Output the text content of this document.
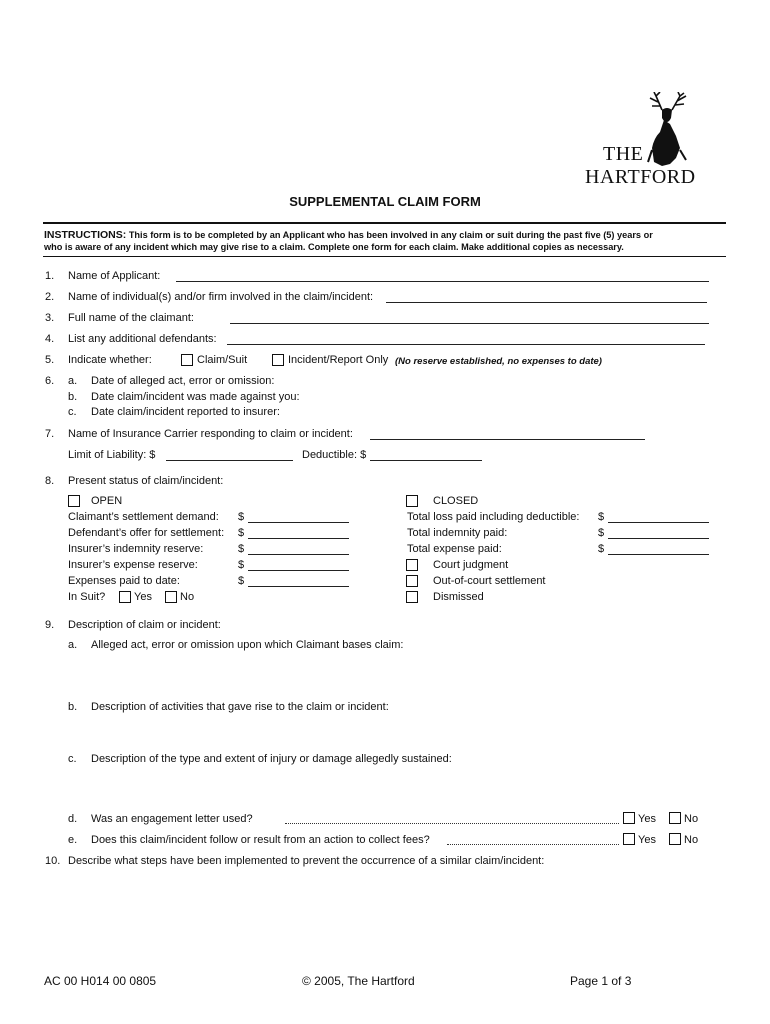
THE
HARTFORD
SUPPLEMENTAL CLAIM FORM
INSTRUCTIONS: This form is to be completed by an Applicant who has been involved in any claim or suit during the past five (5) years or
who is aware of any incident which may give rise to a claim. Complete one form for each claim. Make additional copies as necessary.
1. Name of Applicant:
2. Name of individual(s) and/or firm involved in the claim/incident:
3. Full name of the claimant:
4. List any additional defendants:
5. Indicate whether:	Claim/Suit	Incident/Report Only (No reserve established, no expenses to date)
6. a. Date of alleged act, error or omission:
b. Date claim/incident was made against you:
c. Date claim/incident reported to insurer:
7. Name of Insurance Carrier responding to claim or incident:
Limit of Liability: $	Deductible: $
8. Present status of claim/incident:
OPEN
Claimant’s settlement demand: $
Defendant’s offer for settlement: $
Insurer’s indemnity reserve:	$
Insurer’s expense reserve:	$
Expenses paid to date:	$
In Suit?	Yes	No
CLOSED
Total loss paid including deductible: $
Total indemnity paid:	$
Total expense paid:	$
Court judgment
Out-of-court settlement
Dismissed
9. Description of claim or incident:
a. Alleged act, error or omission upon which Claimant bases claim:
b. Description of activities that gave rise to the claim or incident:
c. Description of the type and extent of injury or damage allegedly sustained:
d. Was an engagement letter used?	Yes	No
e. Does this claim/incident follow or result from an action to collect fees?	Yes	No
10. Describe what steps have been implemented to prevent the occurrence of a similar claim/incident:
AC 00 H014 00 0805	© 2005, The Hartford	Page 1 of 3
